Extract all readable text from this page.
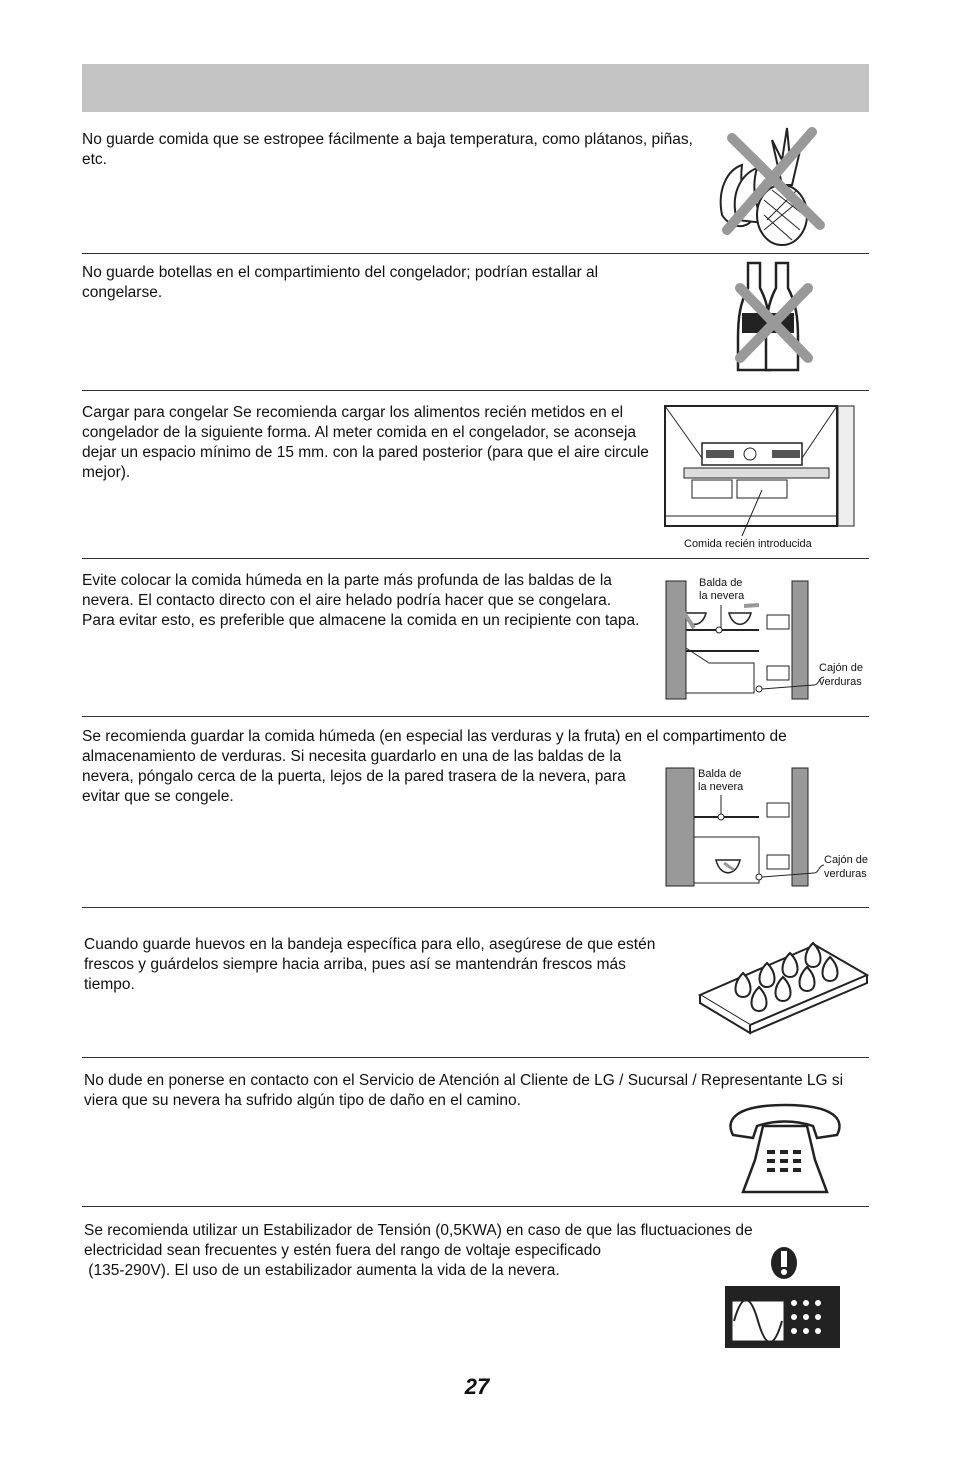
No guarde comida que se estropee fácilmente a baja temperatura, como plátanos, piñas, etc.

No guarde botellas en el compartimiento del congelador; podrían estallar al congelarse.

Cargar para congelar Se recomienda cargar los alimentos recién metidos en el congelador de la siguiente forma. Al meter comida en el congelador, se aconseja dejar un espacio mínimo de 15 mm. con la pared posterior (para que el aire circule mejor).

Comida recién introducida

Evite colocar la comida húmeda en la parte más profunda de las baldas de la nevera. El contacto directo con el aire helado podría hacer que se congelara. Para evitar esto, es preferible que almacene la comida en un recipiente con tapa.

Balda de
la nevera
Cajón de
verduras

Se recomienda guardar la comida húmeda (en especial las verduras y la fruta) en el compartimento de

almacenamiento de verduras. Si necesita guardarlo en una de las baldas de la nevera, póngalo cerca de la puerta, lejos de la pared trasera de la nevera, para evitar que se congele.

Balda de
la nevera
Cajón de
verduras

Cuando guarde huevos en la bandeja específica para ello, asegúrese de que estén frescos y guárdelos siempre hacia arriba, pues así se mantendrán frescos más tiempo.

No dude en ponerse en contacto con el Servicio de Atención al Cliente de LG / Sucursal / Representante LG si viera que su nevera ha sufrido algún tipo de daño en el camino.

Se recomienda utilizar un Estabilizador de Tensión (0,5KWA) en caso de que las fluctuaciones de

electricidad sean frecuentes y estén fuera del rango de voltaje especificado

(135-290V). El uso de un estabilizador aumenta la vida de la nevera.

27
